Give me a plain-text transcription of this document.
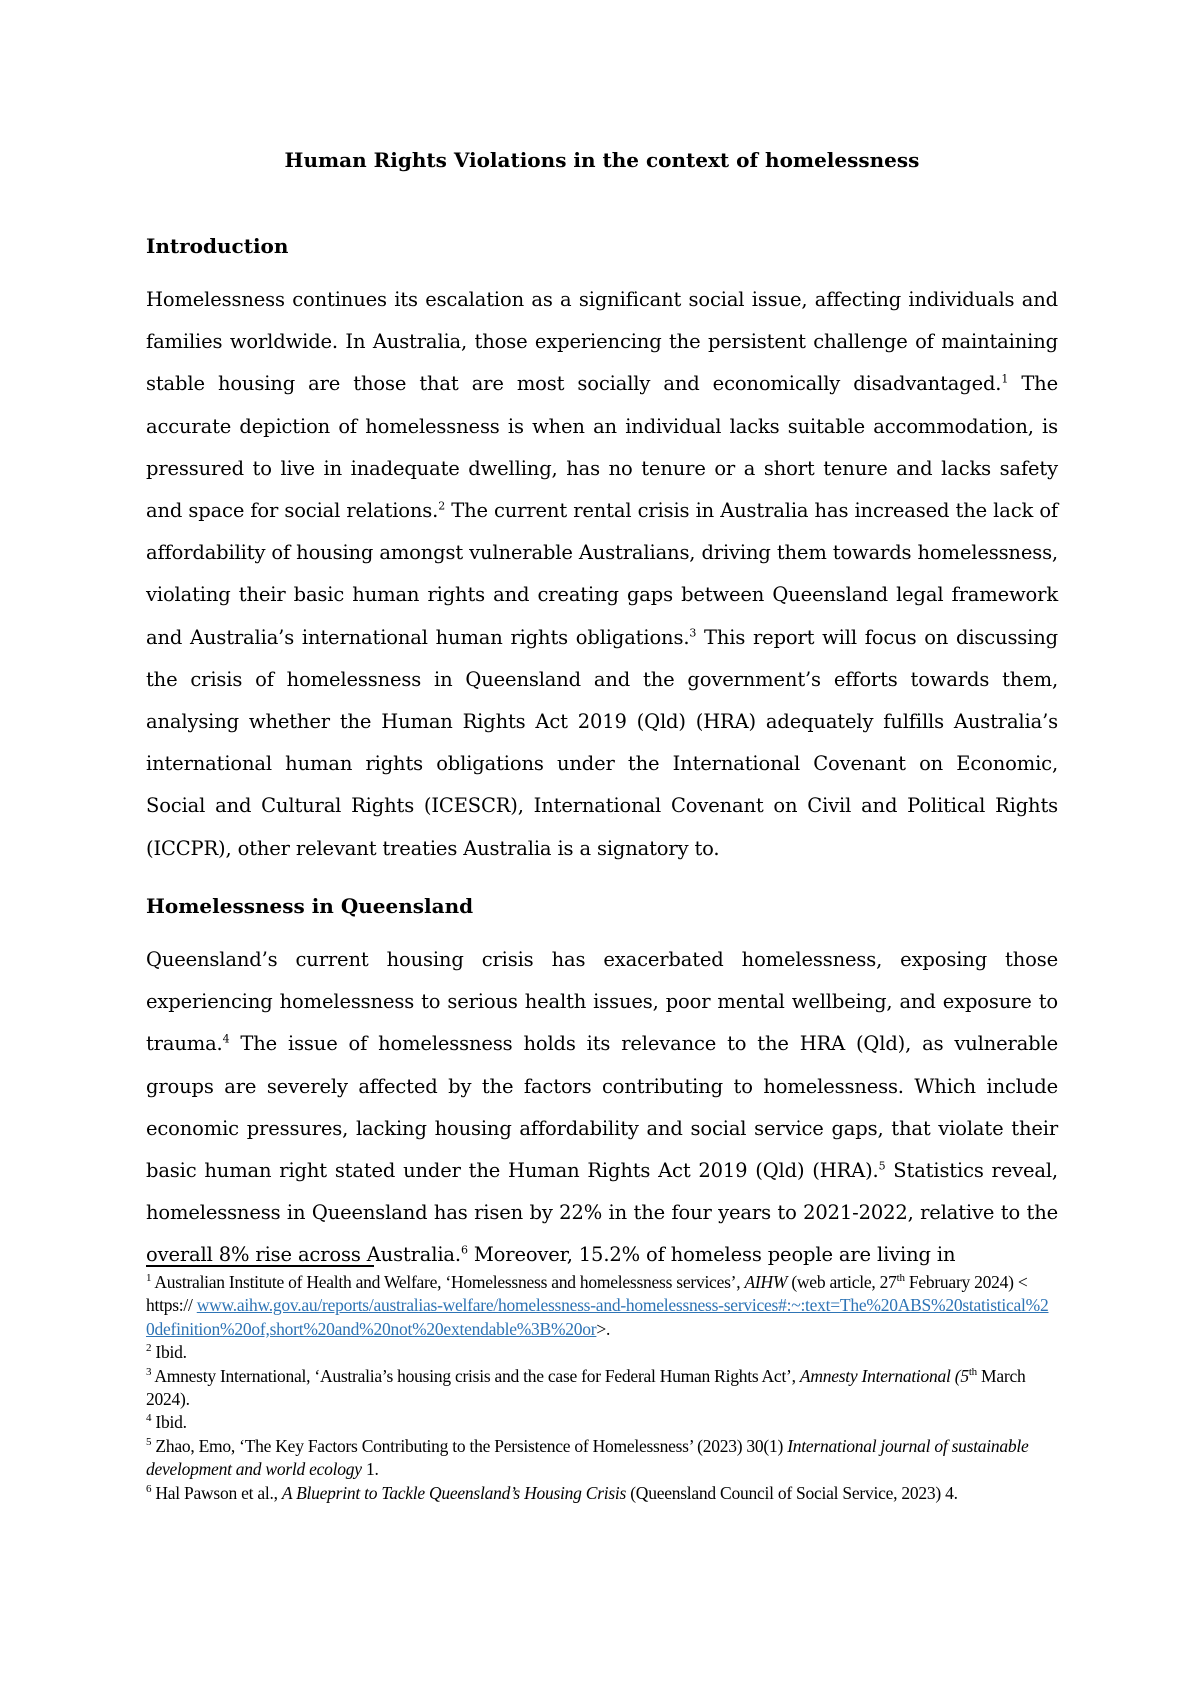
Human Rights Violations in the context of homelessness
Introduction

Homelessness continues its escalation as a significant social issue, affecting individuals and families worldwide. In Australia, those experiencing the persistent challenge of maintaining stable housing are those that are most socially and economically disadvantaged.$^1$ The accurate depiction of homelessness is when an individual lacks suitable accommodation, is pressured to live in inadequate dwelling, has no tenure or a short tenure and lacks safety and space for social relations.$^2$ The current rental crisis in Australia has increased the lack of affordability of housing amongst vulnerable Australians, driving them towards homelessness, violating their basic human rights and creating gaps between Queensland legal framework and Australia’s international human rights obligations.$^3$ This report will focus on discussing the crisis of homelessness in Queensland and the government’s efforts towards them, analysing whether the Human Rights Act 2019 (Qld) (HRA) adequately fulfills Australia’s international human rights obligations under the International Covenant on Economic, Social and Cultural Rights (ICESCR), International Covenant on Civil and Political Rights (ICCPR), other relevant treaties Australia is a signatory to.

Homelessness in Queensland

Queensland’s current housing crisis has exacerbated homelessness, exposing those experiencing homelessness to serious health issues, poor mental wellbeing, and exposure to trauma.$^4$ The issue of homelessness holds its relevance to the HRA (Qld), as vulnerable groups are severely affected by the factors contributing to homelessness. Which include economic pressures, lacking housing affordability and social service gaps, that violate their basic human right stated under the Human Rights Act 2019 (Qld) (HRA).$^5$ Statistics reveal, homelessness in Queensland has risen by 22% in the four years to 2021-2022, relative to the overall 8% rise across Australia.$^6$ Moreover, 15.2% of homeless people are living in

$^1$ Australian Institute of Health and Welfare, ‘Homelessness and homelessness services’, AIHW (web article, 27th February 2024) < https:// www.aihw.gov.au/reports/australias-welfare/homelessness-and-homelessness-services#:~:text=The%20ABS%20statistical%20definition%20of,short%20and%20not%20extendable%3B%20or>.

$^2$ Ibid.

$^3$ Amnesty International, ‘Australia’s housing crisis and the case for Federal Human Rights Act’, Amnesty International (5th March 2024).

$^4$ Ibid.

$^5$ Zhao, Emo, ‘The Key Factors Contributing to the Persistence of Homelessness’ (2023) 30(1) International journal of sustainable development and world ecology 1.

$^6$ Hal Pawson et al., A Blueprint to Tackle Queensland’s Housing Crisis (Queensland Council of Social Service, 2023) 4.
